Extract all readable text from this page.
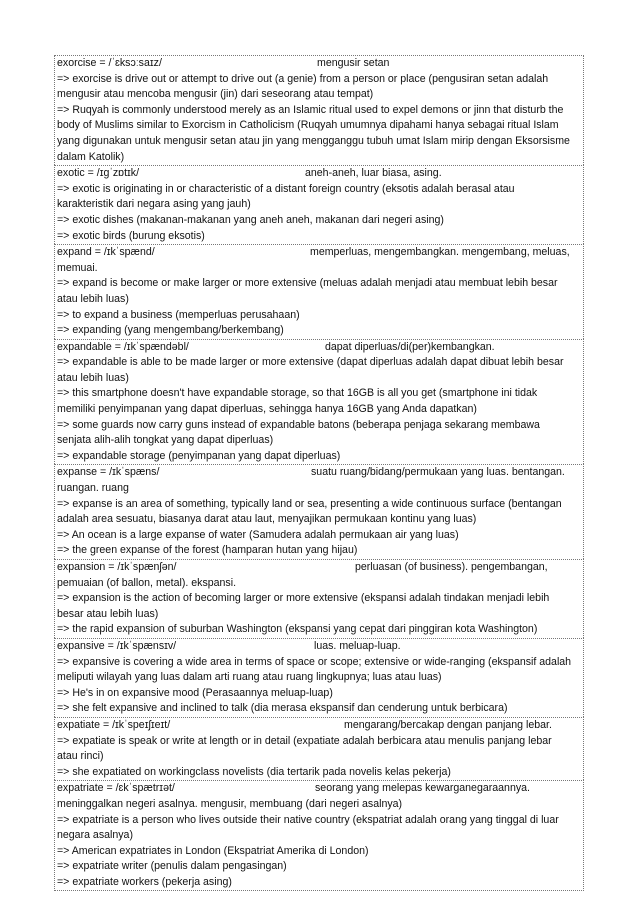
exorcise = /ˈɛksɔːsaɪz/	mengusir setan
=> exorcise is drive out or attempt to drive out (a genie) from a person or place (pengusiran setan adalah
mengusir atau mencoba mengusir (jin) dari seseorang atau tempat)
=> Ruqyah is commonly understood merely as an Islamic ritual used to expel demons or jinn that disturb the
body of Muslims similar to Exorcism in Catholicism (Ruqyah umumnya dipahami hanya sebagai ritual Islam
yang digunakan untuk mengusir setan atau jin yang mengganggu tubuh umat Islam mirip dengan Eksorsisme
dalam Katolik)
exotic = /ɪɡˈzɒtɪk/	aneh-aneh, luar biasa, asing.
=> exotic is originating in or characteristic of a distant foreign country (eksotis adalah berasal atau
karakteristik dari negara asing yang jauh)
=> exotic dishes (makanan-makanan yang aneh aneh, makanan dari negeri asing)
=> exotic birds (burung eksotis)
expand = /ɪkˈspænd/	memperluas, mengembangkan. mengembang, meluas,
memuai.
=> expand is become or make larger or more extensive (meluas adalah menjadi atau membuat lebih besar
atau lebih luas)
=> to expand a business (memperluas perusahaan)
=> expanding (yang mengembang/berkembang)
expandable = /ɪkˈspændəbl/	dapat diperluas/di(per)kembangkan.
=> expandable is able to be made larger or more extensive (dapat diperluas adalah dapat dibuat lebih besar
atau lebih luas)
=> this smartphone doesn't have expandable storage, so that 16GB is all you get (smartphone ini tidak
memiliki penyimpanan yang dapat diperluas, sehingga hanya 16GB yang Anda dapatkan)
=> some guards now carry guns instead of expandable batons (beberapa penjaga sekarang membawa
senjata alih-alih tongkat yang dapat diperluas)
=> expandable storage (penyimpanan yang dapat diperluas)
expanse = /ɪkˈspæns/	suatu ruang/bidang/permukaan yang luas. bentangan.
ruangan. ruang
=> expanse is an area of something, typically land or sea, presenting a wide continuous surface (bentangan
adalah area sesuatu, biasanya darat atau laut, menyajikan permukaan kontinu yang luas)
=> An ocean is a large expanse of water (Samudera adalah permukaan air yang luas)
=> the green expanse of the forest (hamparan hutan yang hijau)
expansion = /ɪkˈspænʃən/	perluasan (of business). pengembangan,
pemuaian (of ballon, metal). ekspansi.
=> expansion is the action of becoming larger or more extensive (ekspansi adalah tindakan menjadi lebih
besar atau lebih luas)
=> the rapid expansion of suburban Washington (ekspansi yang cepat dari pinggiran kota Washington)
expansive = /ɪkˈspænsɪv/	luas. meluap-luap.
=> expansive is covering a wide area in terms of space or scope; extensive or wide-ranging (ekspansif adalah
meliputi wilayah yang luas dalam arti ruang atau ruang lingkupnya; luas atau luas)
=> He's in on expansive mood (Perasaannya meluap-luap)
=> she felt expansive and inclined to talk (dia merasa ekspansif dan cenderung untuk berbicara)
expatiate = /ɪkˈspeɪʃɪeɪt/	mengarang/bercakap dengan panjang lebar.
=> expatiate is speak or write at length or in detail (expatiate adalah berbicara atau menulis panjang lebar
atau rinci)
=> she expatiated on workingclass novelists (dia tertarik pada novelis kelas pekerja)
expatriate = /ɛkˈspætrɪət/	seorang yang melepas kewarganegaraannya.
meninggalkan negeri asalnya. mengusir, membuang (dari negeri asalnya)
=> expatriate is a person who lives outside their native country (ekspatriat adalah orang yang tinggal di luar
negara asalnya)
=> American expatriates in London (Ekspatriat Amerika di London)
=> expatriate writer (penulis dalam pengasingan)
=> expatriate workers (pekerja asing)
